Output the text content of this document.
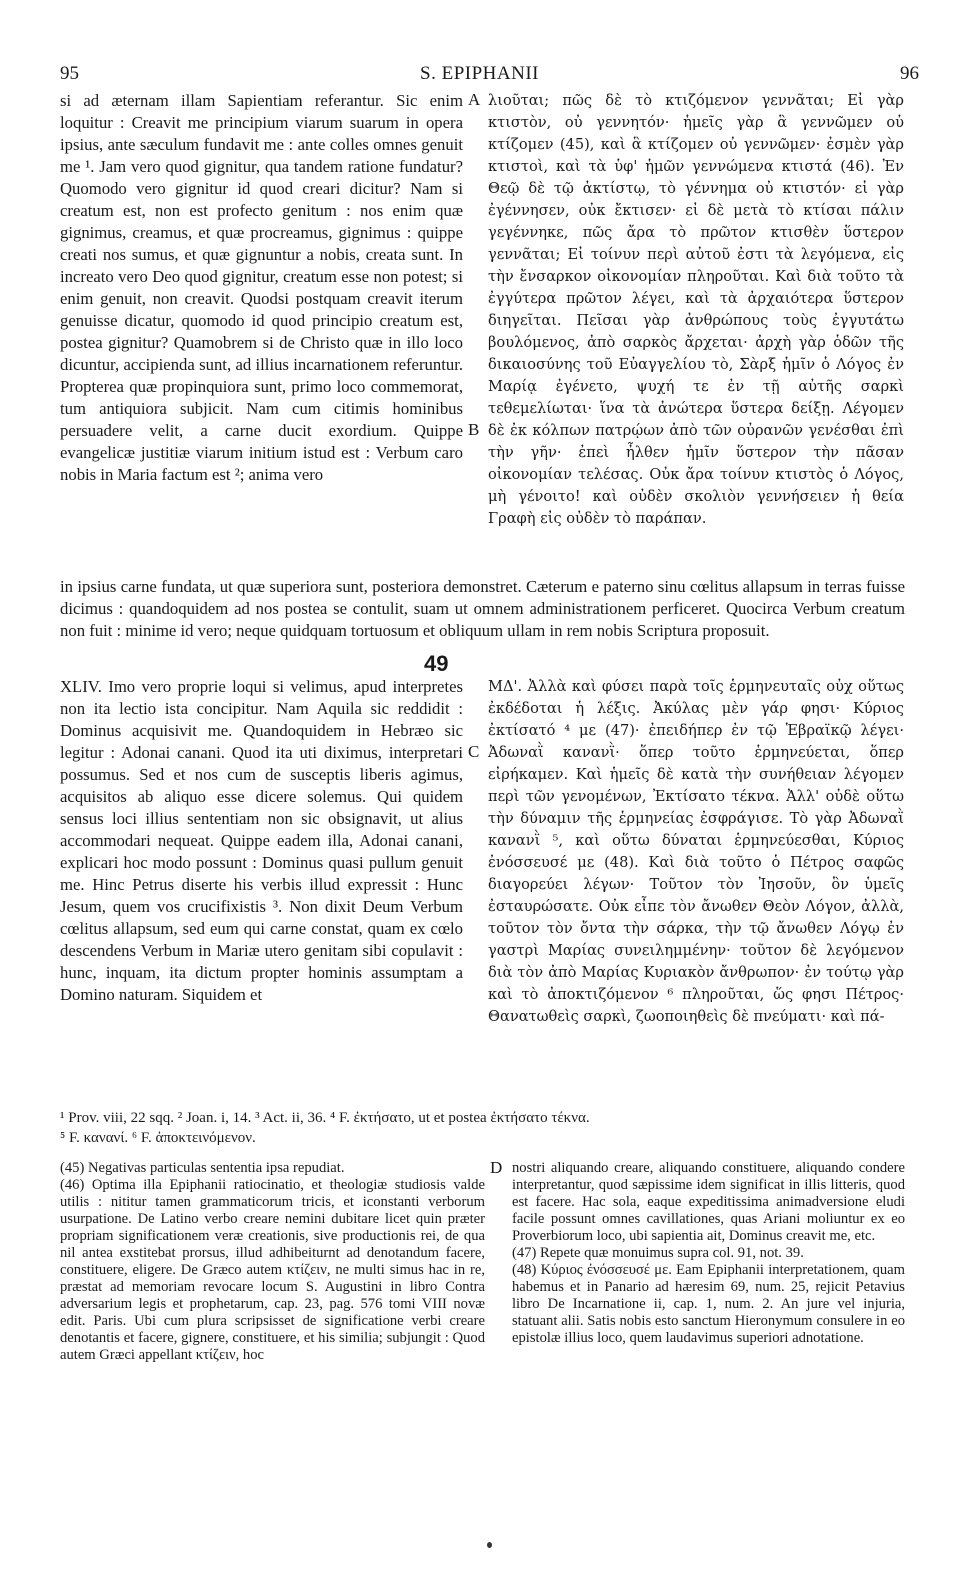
95	S. EPIPHANII	96
si ad æternam illam Sapientiam referantur. Sic enim loquitur : Creavit me principium viarum suarum in opera ipsius, ante sæculum fundavit me : ante colles omnes genuit me ¹. Jam vero quod gignitur, qua tandem ratione fundatur? Quomodo vero gignitur id quod creari dicitur? Nam si creatum est, non est profecto genitum : nos enim quæ gignimus, creamus, et quæ procreamus, gignimus : quippe creati nos sumus, et quæ gignuntur a nobis, creata sunt. In increato vero Deo quod gignitur, creatum esse non potest; si enim genuit, non creavit. Quodsi postquam creavit iterum genuisse dicatur, quomodo id quod principio creatum est, postea gignitur? Quamobrem si de Christo quæ in illo loco dicuntur, accipienda sunt, ad illius incarnationem referuntur. Propterea quæ propinquiora sunt, primo loco commemorat, tum antiquiora subjicit. Nam cum citimis hominibus persuadere velit, a carne ducit exordium. Quippe evangelicæ justitiæ viarum initium istud est : Verbum caro nobis in Maria factum est ²; anima vero
λιοῦται; πῶς δὲ τὸ κτιζόμενον γεννᾶται; Εἰ γὰρ κτιστὸν, οὐ γεννητόν· ἡμεῖς γὰρ ἃ γεννῶμεν οὐ κτίζομεν (45), καὶ ἃ κτίζομεν οὐ γεννῶμεν· ἐσμὲν γὰρ κτιστοὶ, καὶ τὰ ὑφ' ἡμῶν γεννώμενα κτιστά (46). Ἐν Θεῷ δὲ τῷ ἀκτίστῳ, τὸ γέννημα οὐ κτιστόν· εἰ γὰρ ἐγέννησεν, οὐκ ἔκτισεν· εἰ δὲ μετὰ τὸ κτίσαι πάλιν γεγέννηκε, πῶς ἄρα τὸ πρῶτον κτισθὲν ὕστερον γεννᾶται; Εἰ τοίνυν περὶ αὐτοῦ ἐστι τὰ λεγόμενα, εἰς τὴν ἔνσαρκον οἰκονομίαν πληροῦται. Καὶ διὰ τοῦτο τὰ ἐγγύτερα πρῶτον λέγει, καὶ τὰ ἀρχαιότερα ὕστερον διηγεῖται. Πεῖσαι γὰρ ἀνθρώπους τοὺς ἐγγυτάτω βουλόμενος, ἀπὸ σαρκὸς ἄρχεται· ἀρχὴ γὰρ ὁδῶν τῆς δικαιοσύνης τοῦ Εὐαγγελίου τὸ, Σὰρξ ἡμῖν ὁ Λόγος ἐν Μαρίᾳ ἐγένετο, ψυχή τε ἐν τῇ αὐτῆς σαρκὶ τεθεμελίωται· ἵνα τὰ ἀνώτερα ὕστερα δείξῃ. Λέγομεν δὲ ἐκ κόλπων πατρῴων ἀπὸ τῶν οὐρανῶν γενέσθαι ἐπὶ τὴν γῆν· ἐπεὶ ἦλθεν ἡμῖν ὕστερον τὴν πᾶσαν οἰκονομίαν τελέσας. Οὐκ ἄρα τοίνυν κτιστὸς ὁ Λόγος, μὴ γένοιτο! καὶ οὐδὲν σκολιὸν γεννήσειεν ἡ θεία Γραφὴ εἰς οὐδὲν τὸ παράπαν.
A
B
49
in ipsius carne fundata, ut quæ superiora sunt, posteriora demonstret. Cæterum e paterno sinu cœlitus allapsum in terras fuisse dicimus : quandoquidem ad nos postea se contulit, suam ut omnem administrationem perficeret. Quocirca Verbum creatum non fuit : minime id vero; neque quidquam tortuosum et obliquum ullam in rem nobis Scriptura proposuit.
XLIV. Imo vero proprie loqui si velimus, apud interpretes non ita lectio ista concipitur. Nam Aquila sic reddidit : Dominus acquisivit me. Quandoquidem in Hebræo sic legitur : Adonai canani. Quod ita uti diximus, interpretari possumus. Sed et nos cum de susceptis liberis agimus, acquisitos ab aliquo esse dicere solemus. Qui quidem sensus loci illius sententiam non sic obsignavit, ut alius accommodari nequeat. Quippe eadem illa, Adonai canani, explicari hoc modo possunt : Dominus quasi pullum genuit me. Hinc Petrus diserte his verbis illud expressit : Hunc Jesum, quem vos crucifixistis ³. Non dixit Deum Verbum cœlitus allapsum, sed eum qui carne constat, quam ex cœlo descendens Verbum in Mariæ utero genitam sibi copulavit : hunc, inquam, ita dictum propter hominis assumptam a Domino naturam. Siquidem et
ΜΔ'. Ἀλλὰ καὶ φύσει παρὰ τοῖς ἑρμηνευταῖς οὐχ οὕτως ἐκδέδοται ἡ λέξις. Ἀκύλας μὲν γάρ φησι· Κύριος ἐκτίσατό ⁴ με (47)· ἐπειδήπερ ἐν τῷ Ἑβραϊκῷ λέγει· Ἀδωναῒ κανανῒ· ὅπερ τοῦτο ἑρμηνεύεται, ὅπερ εἰρήκαμεν. Καὶ ἡμεῖς δὲ κατὰ τὴν συνήθειαν λέγομεν περὶ τῶν γενομένων, Ἐκτίσατο τέκνα. Ἀλλ' οὐδὲ οὕτω τὴν δύναμιν τῆς ἑρμηνείας ἐσφράγισε. Τὸ γὰρ Ἀδωναῒ κανανῒ ⁵, καὶ οὕτω δύναται ἑρμηνεύεσθαι, Κύριος ἐνόσσευσέ με (48). Καὶ διὰ τοῦτο ὁ Πέτρος σαφῶς διαγορεύει λέγων· Τοῦτον τὸν Ἰησοῦν, ὃν ὑμεῖς ἐσταυρώσατε. Οὐκ εἶπε τὸν ἄνωθεν Θεὸν Λόγον, ἀλλὰ, τοῦτον τὸν ὄντα τὴν σάρκα, τὴν τῷ ἄνωθεν Λόγῳ ἐν γαστρὶ Μαρίας συνειλημμένην· τοῦτον δὲ λεγόμενον διὰ τὸν ἀπὸ Μαρίας Κυριακὸν ἄνθρωπον· ἐν τούτῳ γὰρ καὶ τὸ ἀποκτιζόμενον ⁶ πληροῦται, ὥς φησι Πέτρος· Θανατωθεὶς σαρκὶ, ζωοποιηθεὶς δὲ πνεύματι· καὶ πά-
C
¹ Prov. viii, 22 sqq. ² Joan. i, 14. ³ Act. ii, 36. ⁴ F. ἐκτήσατο, ut et postea ἐκτήσατο τέκνα.
⁵ F. κανανί. ⁶ F. ἀποκτεινόμενον.

(45) Negativas particulas sententia ipsa repudiat.

(46) Optima illa Epiphanii ratiocinatio, et theologiæ studiosis valde utilis : nititur tamen grammaticorum tricis, et iconstanti verborum usurpatione. De Latino verbo creare nemini dubitare licet quin præter propriam significationem veræ creationis, sive productionis rei, de qua nil antea exstitebat prorsus, illud adhibeiturnt ad denotandum facere, constituere, eligere. De Græco autem κτίζειν, ne multi simus hac in re, præstat ad memoriam revocare locum S. Augustini in libro Contra adversarium legis et prophetarum, cap. 23, pag. 576 tomi VIII novæ edit. Paris. Ubi cum plura scripsisset de significatione verbi creare denotantis et facere, gignere, constituere, et his similia; subjungit : Quod autem Græci appellant κτίζειν, hoc

D nostri aliquando creare, aliquando constituere, aliquando condere interpretantur, quod sæpissime idem significat in illis litteris, quod est facere. Hac sola, eaque expeditissima animadversione eludi facile possunt omnes cavillationes, quas Ariani moliuntur ex eo Proverbiorum loco, ubi sapientia ait, Dominus creavit me, etc.

(47) Repete quæ monuimus supra col. 91, not. 39.

(48) Κύριος ἐνόσσευσέ με. Eam Epiphanii interpretationem, quam habemus et in Panario ad hæresim 69, num. 25, rejicit Petavius libro De Incarnatione ii, cap. 1, num. 2. An jure vel injuria, statuant alii. Satis nobis esto sanctum Hieronymum consulere in eo epistolæ illius loco, quem laudavimus superiori adnotatione.
